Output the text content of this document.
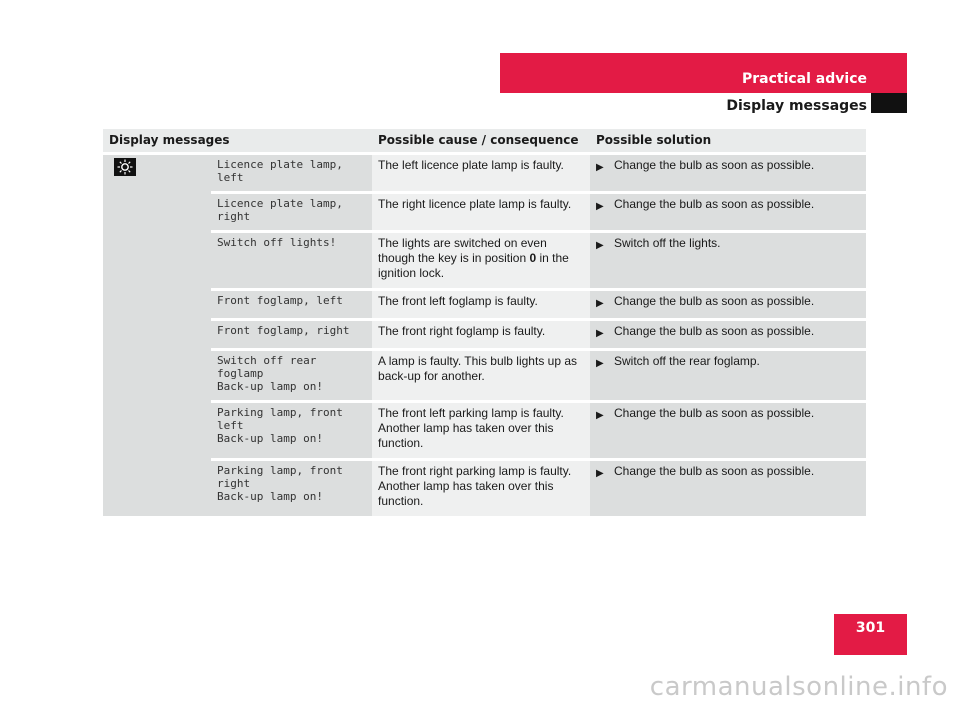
Practical advice
Display messages
Display messages		Possible cause / consequence	Possible solution

	Licence plate lamp, left	The left licence plate lamp is faulty.	▶ Change the bulb as soon as possible.

	Licence plate lamp,
right	The right licence plate lamp is faulty.	▶ Change the bulb as soon as possible.

	Switch off lights!	The lights are switched on even though the key is in position 0 in the ignition lock.	▶ Switch off the lights.

	Front foglamp, left	The front left foglamp is faulty.	▶ Change the bulb as soon as possible.

	Front foglamp, right	The front right foglamp is faulty.	▶ Change the bulb as soon as possible.

	Switch off rear foglamp
Back-up lamp on!	A lamp is faulty. This bulb lights up as back-up for another.	▶ Switch off the rear foglamp.

	Parking lamp, front left
Back-up lamp on!	The front left parking lamp is faulty. Another lamp has taken over this function.	▶ Change the bulb as soon as possible.

	Parking lamp, front
right
Back-up lamp on!	The front right parking lamp is faulty. Another lamp has taken over this function.	▶ Change the bulb as soon as possible.
301
carmanualsonline.info
